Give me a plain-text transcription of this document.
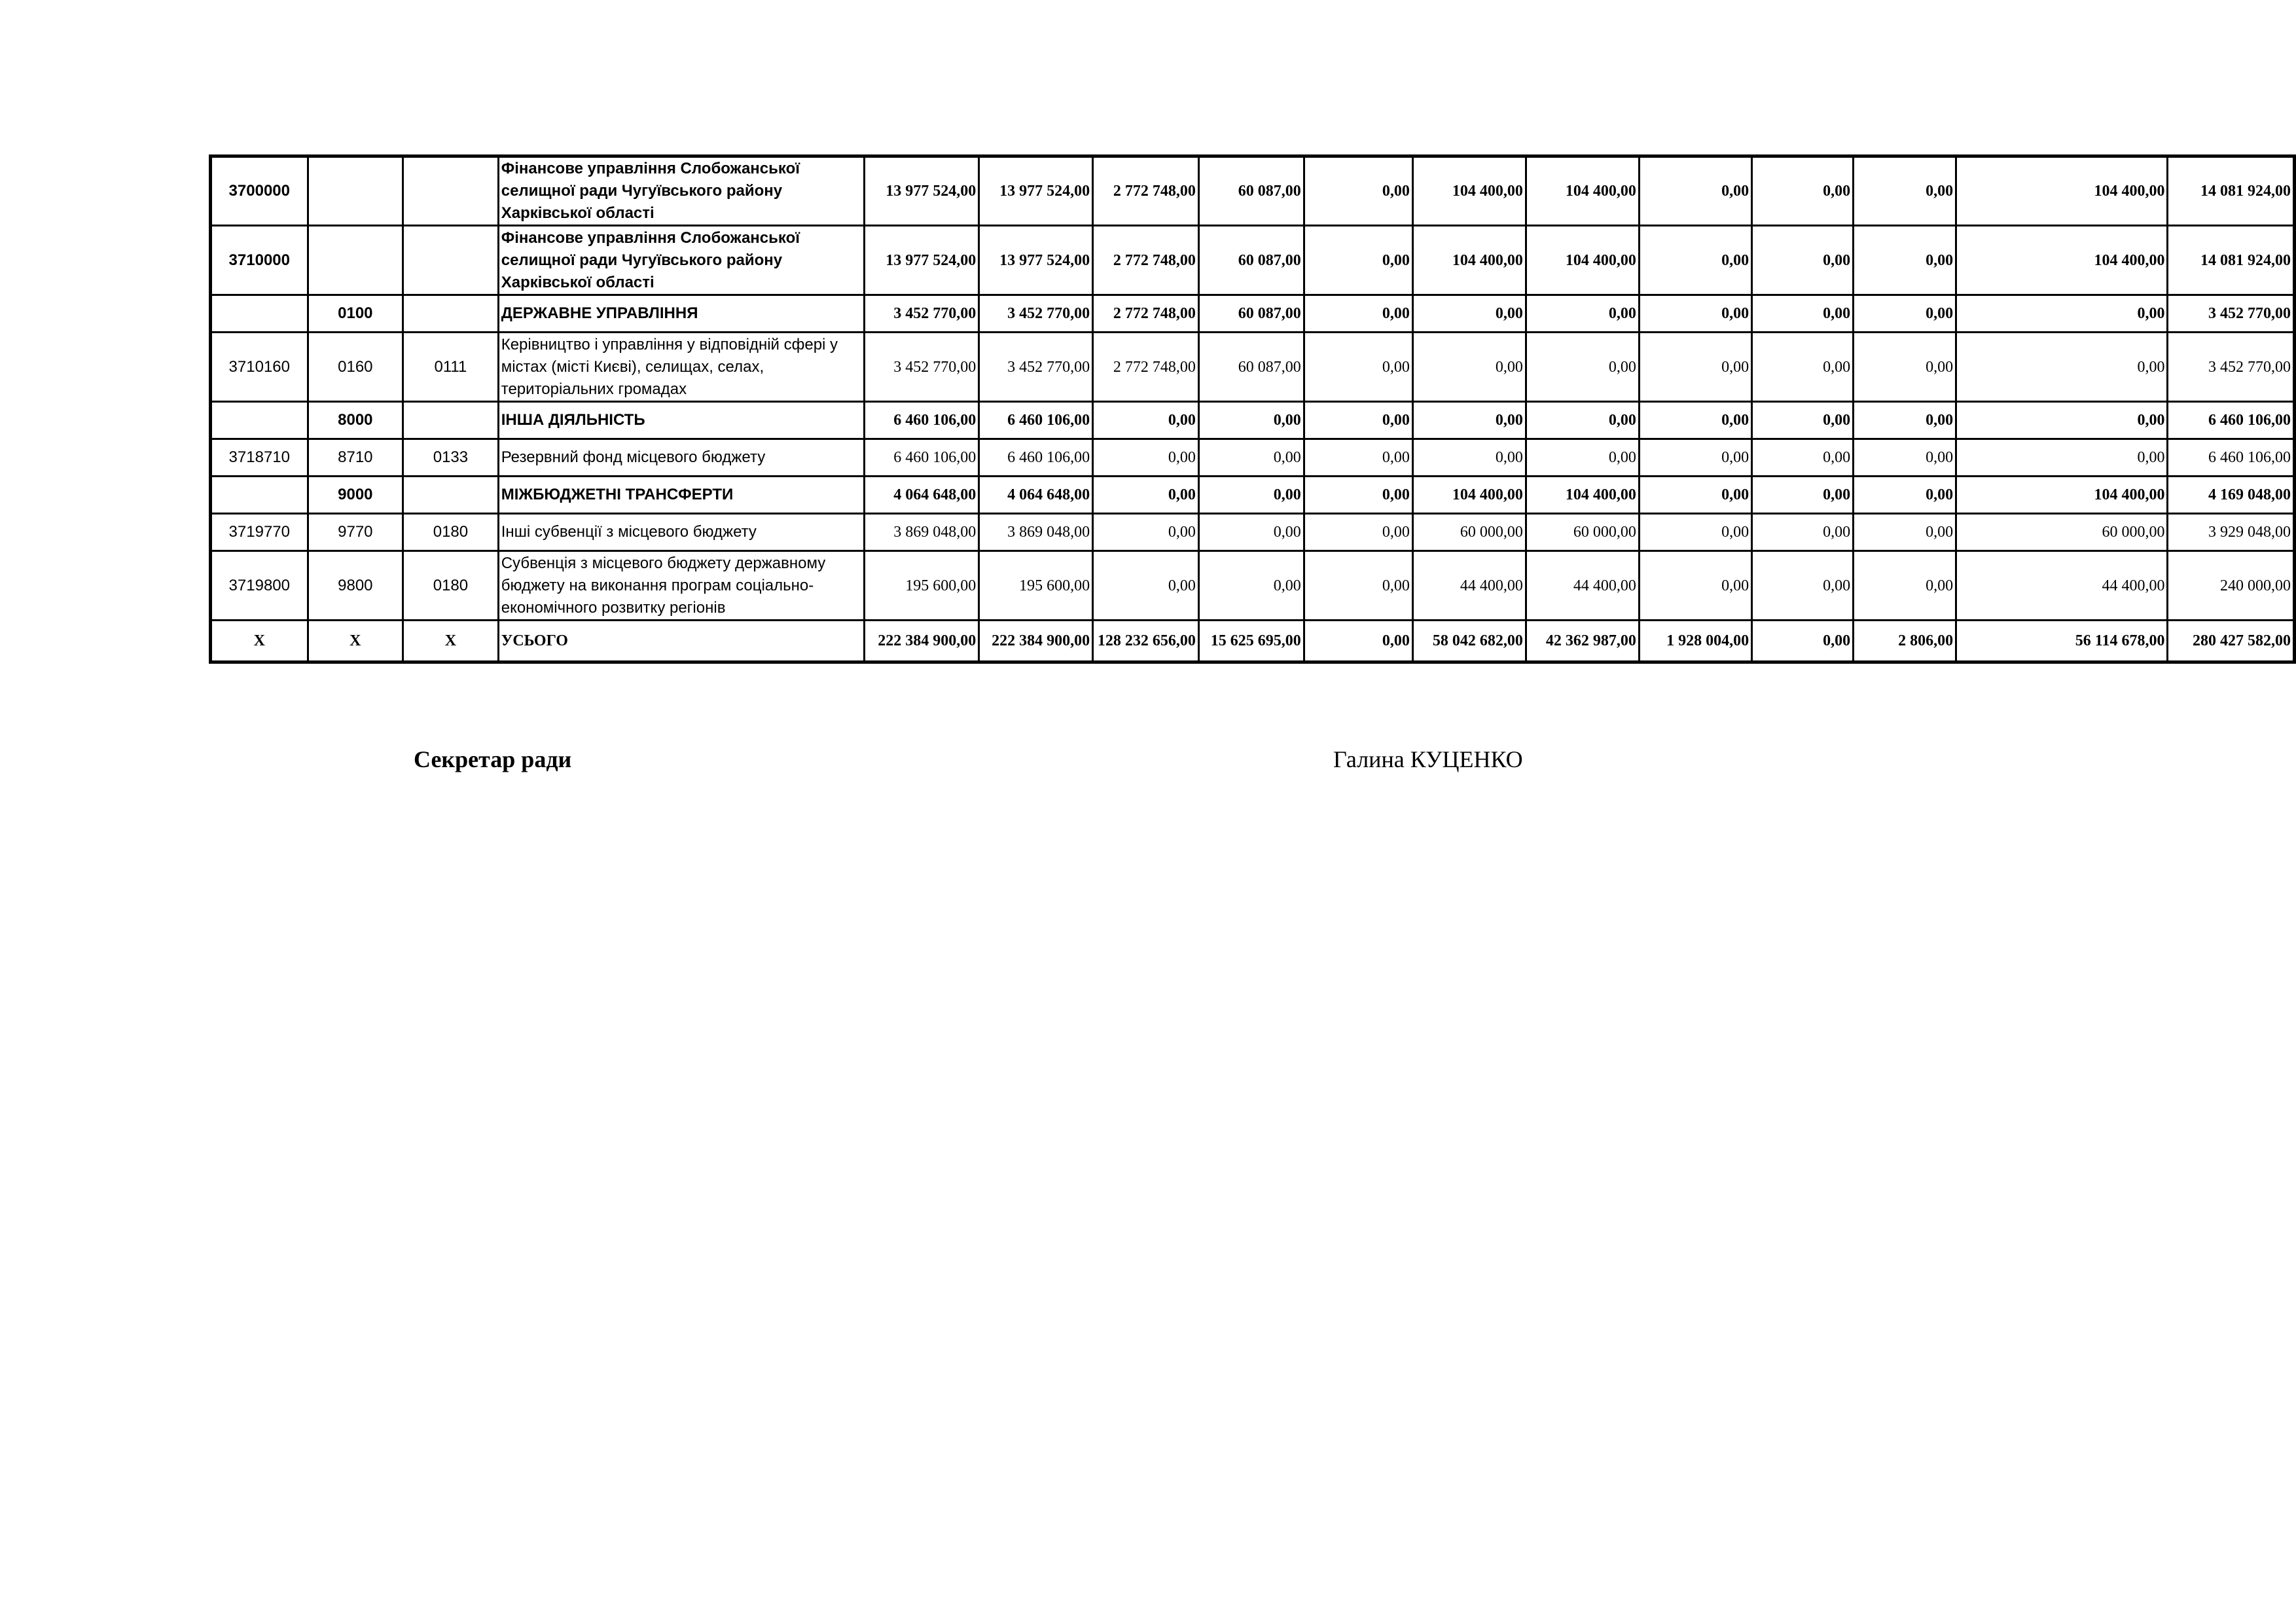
3700000			Фінансове управління Слобожанської селищної ради Чугуївського району Харківської області	13 977 524,00	13 977 524,00	2 772 748,00	60 087,00	0,00	104 400,00	104 400,00	0,00	0,00	0,00	104 400,00	14 081 924,00
3710000			Фінансове управління Слобожанської селищної ради Чугуївського району Харківської області	13 977 524,00	13 977 524,00	2 772 748,00	60 087,00	0,00	104 400,00	104 400,00	0,00	0,00	0,00	104 400,00	14 081 924,00
	0100		ДЕРЖАВНЕ УПРАВЛІННЯ	3 452 770,00	3 452 770,00	2 772 748,00	60 087,00	0,00	0,00	0,00	0,00	0,00	0,00	0,00	3 452 770,00
3710160	0160	0111	Керівництво і управління у відповідній сфері у містах (місті Києві), селищах, селах, територіальних громадах	3 452 770,00	3 452 770,00	2 772 748,00	60 087,00	0,00	0,00	0,00	0,00	0,00	0,00	0,00	3 452 770,00
	8000		ІНША ДІЯЛЬНІСТЬ	6 460 106,00	6 460 106,00	0,00	0,00	0,00	0,00	0,00	0,00	0,00	0,00	0,00	6 460 106,00
3718710	8710	0133	Резервний фонд місцевого бюджету	6 460 106,00	6 460 106,00	0,00	0,00	0,00	0,00	0,00	0,00	0,00	0,00	0,00	6 460 106,00
	9000		МІЖБЮДЖЕТНІ ТРАНСФЕРТИ	4 064 648,00	4 064 648,00	0,00	0,00	0,00	104 400,00	104 400,00	0,00	0,00	0,00	104 400,00	4 169 048,00
3719770	9770	0180	Інші субвенції з місцевого бюджету	3 869 048,00	3 869 048,00	0,00	0,00	0,00	60 000,00	60 000,00	0,00	0,00	0,00	60 000,00	3 929 048,00
3719800	9800	0180	Субвенція з місцевого бюджету державному бюджету на виконання програм соціально-економічного розвитку регіонів	195 600,00	195 600,00	0,00	0,00	0,00	44 400,00	44 400,00	0,00	0,00	0,00	44 400,00	240 000,00
Х	Х	Х	УСЬОГО	222 384 900,00	222 384 900,00	128 232 656,00	15 625 695,00	0,00	58 042 682,00	42 362 987,00	1 928 004,00	0,00	2 806,00	56 114 678,00	280 427 582,00
Секретар ради	Галина КУЦЕНКО
